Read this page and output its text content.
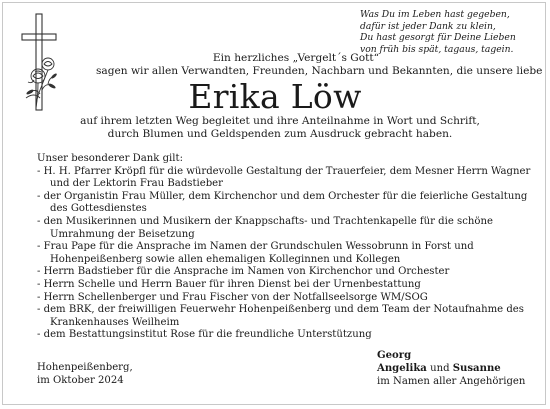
Was Du im Leben hast gegeben,
dafür ist jeder Dank zu klein,
Du hast gesorgt für Deine Lieben
von früh bis spät, tagaus, tagein.
Ein herzliches „Vergelt´s Gott“
sagen wir allen Verwandten, Freunden, Nachbarn und Bekannten, die unsere liebe
Erika Löw
auf ihrem letzten Weg begleitet und ihre Anteilnahme in Wort und Schrift,
durch Blumen und Geldspenden zum Ausdruck gebracht haben.
Unser besonderer Dank gilt:
- H. H. Pfarrer Kröpfl für die würdevolle Gestaltung der Trauerfeier, dem Mesner Herrn Wagner
und der Lektorin Frau Badstieber
- der Organistin Frau Müller, dem Kirchenchor und dem Orchester für die feierliche Gestaltung
des Gottesdienstes
- den Musikerinnen und Musikern der Knappschafts- und Trachtenkapelle für die schöne
Umrahmung der Beisetzung
- Frau Pape für die Ansprache im Namen der Grundschulen Wessobrunn in Forst und
Hohenpeißenberg sowie allen ehemaligen Kolleginnen und Kollegen
- Herrn Badstieber für die Ansprache im Namen von Kirchenchor und Orchester
- Herrn Schelle und Herrn Bauer für ihren Dienst bei der Urnenbestattung
- Herrn Schellenberger und Frau Fischer von der Notfallseelsorge WM/SOG
- dem BRK, der freiwilligen Feuerwehr Hohenpeißenberg und dem Team der Notaufnahme des
Krankenhauses Weilheim
- dem Bestattungsinstitut Rose für die freundliche Unterstützung
Hohenpeißenberg,
im Oktober 2024
Georg
Angelika und Susanne
im Namen aller Angehörigen
